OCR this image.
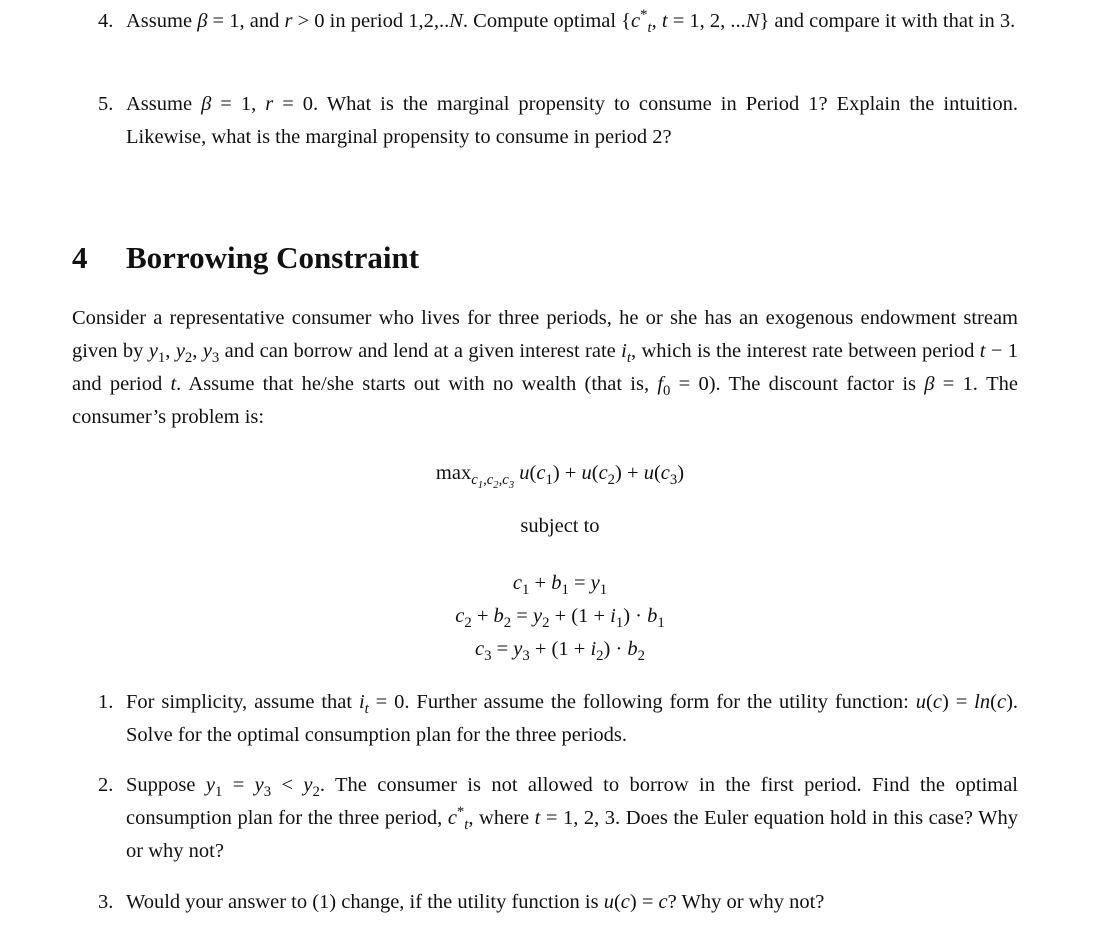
4. Assume β = 1, and r > 0 in period 1,2,..N. Compute optimal {$c^*_t$, t = 1, 2, ...N} and compare it with that in 3.
5. Assume β = 1, r = 0. What is the marginal propensity to consume in Period 1? Explain the intuition. Likewise, what is the marginal propensity to consume in period 2?
4 Borrowing Constraint
Consider a representative consumer who lives for three periods, he or she has an exogenous endowment stream given by $y_1$, $y_2$, $y_3$ and can borrow and lend at a given interest rate $i_t$, which is the interest rate between period t − 1 and period t. Assume that he/she starts out with no wealth (that is, $f_0 = 0$). The discount factor is β = 1. The consumer’s problem is:
$\max_{c_1,c_2,c_3} u(c_1) + u(c_2) + u(c_3)$
subject to
$c_1 + b_1 = y_1$
$c_2 + b_2 = y_2 + (1 + i_1) \cdot b_1$
$c_3 = y_3 + (1 + i_2) \cdot b_2$
1. For simplicity, assume that $i_t = 0$. Further assume the following form for the utility function: u(c) = ln(c). Solve for the optimal consumption plan for the three periods.
2. Suppose $y_1 = y_3 < y_2$. The consumer is not allowed to borrow in the first period. Find the optimal consumption plan for the three period, $c^*_t$, where t = 1, 2, 3. Does the Euler equation hold in this case? Why or why not?
3. Would your answer to (1) change, if the utility function is u(c) = c? Why or why not?
